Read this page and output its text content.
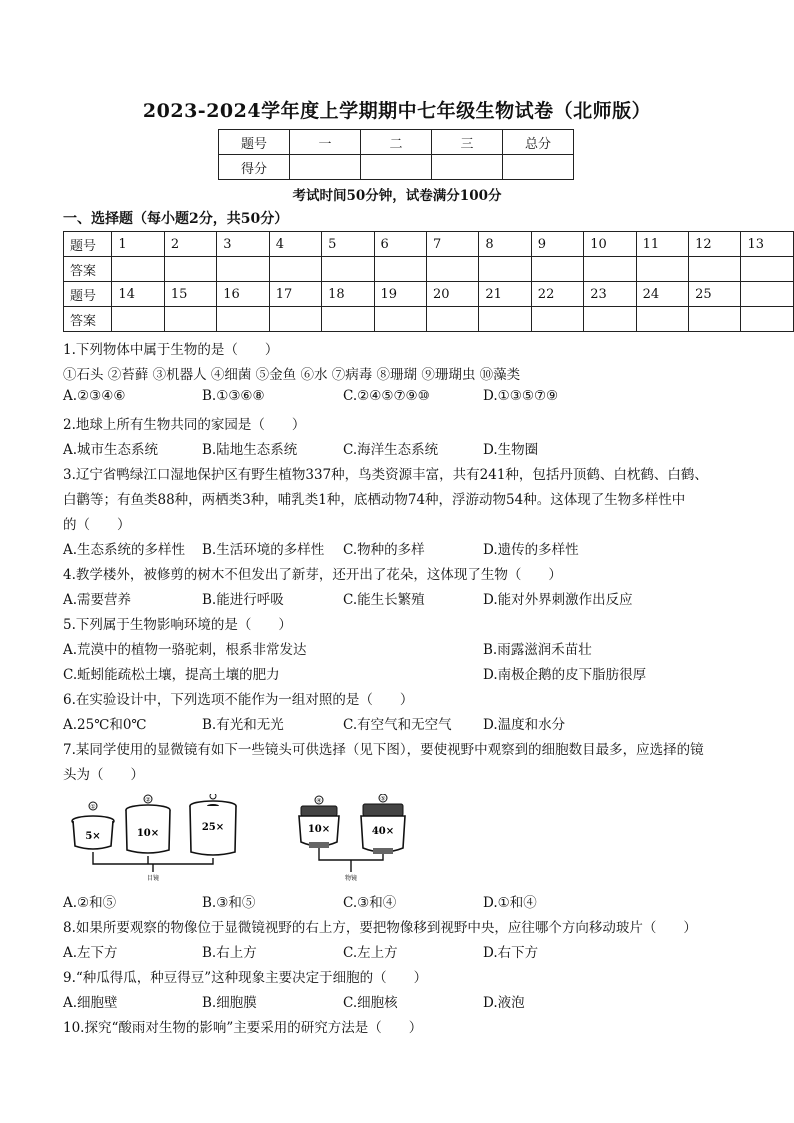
2023-2024学年度上学期期中七年级生物试卷（北师版）
题号	一	二	三	总分
得分				
考试时间50分钟，试卷满分100分
一、选择题（每小题2分，共50分）
题号	1	2	3	4	5	6	7	8	9	10	11	12	13
答案													
题号	14	15	16	17	18	19	20	21	22	23	24	25	
答案													
1.下列物体中属于生物的是（　　）
①石头 ②苔藓 ③机器人 ④细菌 ⑤金鱼 ⑥水 ⑦病毒 ⑧珊瑚 ⑨珊瑚虫 ⑩藻类
A.②③④⑥	B.①③⑥⑧	C.②④⑤⑦⑨⑩	D.①③⑤⑦⑨
2.地球上所有生物共同的家园是（　　）
A.城市生态系统	B.陆地生态系统	C.海洋生态系统	D.生物圈
3.辽宁省鸭绿江口湿地保护区有野生植物337种，鸟类资源丰富，共有241种，包括丹顶鹤、白枕鹤、白鹤、
白鹳等；有鱼类88种，两栖类3种，哺乳类1种，底栖动物74种，浮游动物54种。这体现了生物多样性中
的（　　）
A.生态系统的多样性 B.生活环境的多样性 C.物种的多样	D.遗传的多样性
4.教学楼外，被修剪的树木不但发出了新芽，还开出了花朵，这体现了生物（　　）
A.需要营养	B.能进行呼吸	C.能生长繁殖	D.能对外界刺激作出反应
5.下列属于生物影响环境的是（　　）
A.荒漠中的植物一骆驼刺，根系非常发达	B.雨露滋润禾苗壮
C.蚯蚓能疏松土壤，提高土壤的肥力	D.南极企鹅的皮下脂肪很厚
6.在实验设计中，下列选项不能作为一组对照的是（　　）
A.25℃和0℃	B.有光和无光	C.有空气和无空气 D.温度和水分
7.某同学使用的显微镜有如下一些镜头可供选择（见下图），要使视野中观察到的细胞数目最多，应选择的镜
头为（　　）
①
5×
②
10×
25×
目镜
④
10×
⑤
40×
物镜
A.②和⑤	B.③和⑤	C.③和④	D.①和④
8.如果所要观察的物像位于显微镜视野的右上方，要把物像移到视野中央，应往哪个方向移动玻片（　　）
A.左下方	B.右上方	C.左上方	D.右下方
9.“种瓜得瓜，种豆得豆”这种现象主要决定于细胞的（　　）
A.细胞壁	B.细胞膜	C.细胞核	D.液泡
10.探究“酸雨对生物的影响”主要采用的研究方法是（　　）
